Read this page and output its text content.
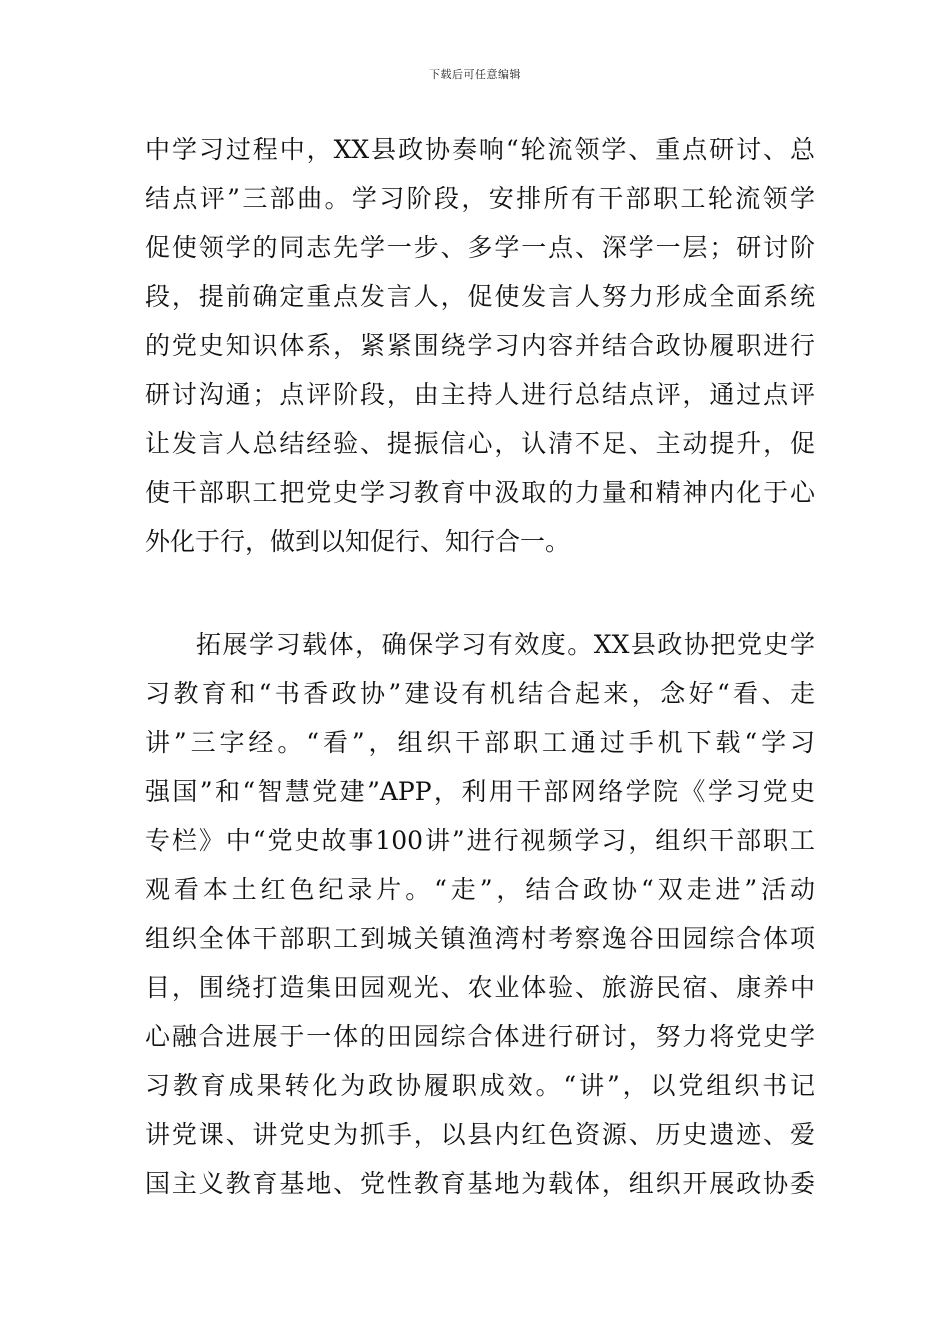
下载后可任意编辑
中学习过程中，XX县政协奏响“轮流领学、重点研讨、总
结点评”三部曲。学习阶段，安排所有干部职工轮流领学
促使领学的同志先学一步、多学一点、深学一层；研讨阶
段，提前确定重点发言人，促使发言人努力形成全面系统
的党史知识体系，紧紧围绕学习内容并结合政协履职进行
研讨沟通；点评阶段，由主持人进行总结点评，通过点评
让发言人总结经验、提振信心，认清不足、主动提升，促
使干部职工把党史学习教育中汲取的力量和精神内化于心
外化于行，做到以知促行、知行合一。
拓展学习载体，确保学习有效度。XX县政协把党史学
习教育和“书香政协”建设有机结合起来，念好“看、走
讲”三字经。“看”，组织干部职工通过手机下载“学习
强国”和“智慧党建”APP，利用干部网络学院《学习党史
专栏》中“党史故事100讲”进行视频学习，组织干部职工
观看本土红色纪录片。“走”，结合政协“双走进”活动
组织全体干部职工到城关镇渔湾村考察逸谷田园综合体项
目，围绕打造集田园观光、农业体验、旅游民宿、康养中
心融合进展于一体的田园综合体进行研讨，努力将党史学
习教育成果转化为政协履职成效。“讲”，以党组织书记
讲党课、讲党史为抓手，以县内红色资源、历史遗迹、爱
国主义教育基地、党性教育基地为载体，组织开展政协委
